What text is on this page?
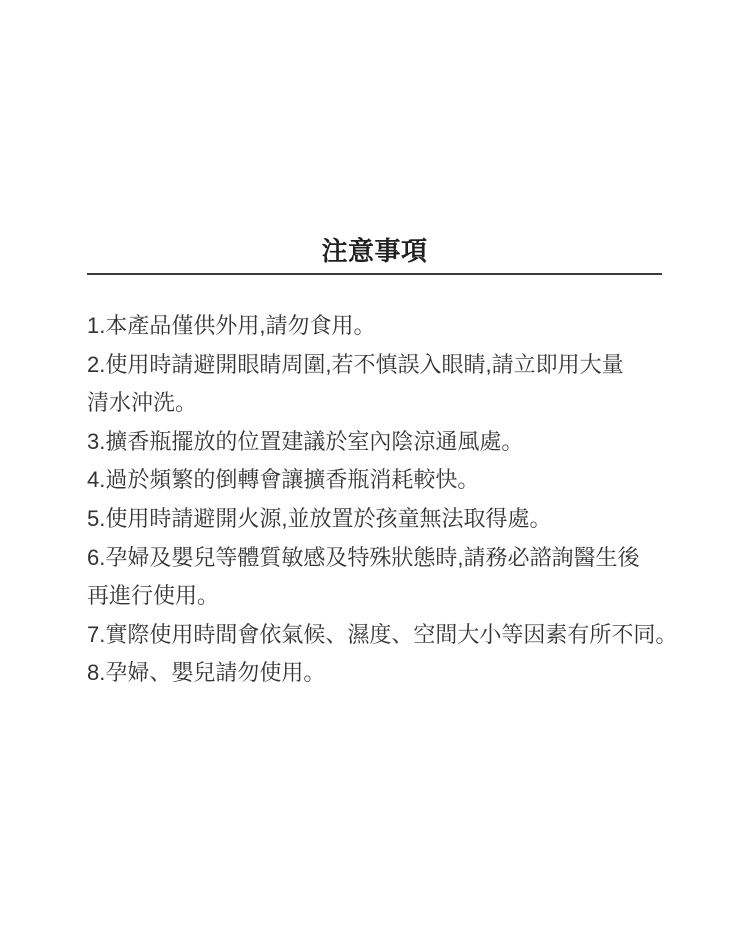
注意事項
1.本產品僅供外用,請勿食用。
2.使用時請避開眼睛周圍,若不慎誤入眼睛,請立即用大量
清水沖洗。
3.擴香瓶擺放的位置建議於室內陰涼通風處。
4.過於頻繁的倒轉會讓擴香瓶消耗較快。
5.使用時請避開火源,並放置於孩童無法取得處。
6.孕婦及嬰兒等體質敏感及特殊狀態時,請務必諮詢醫生後
再進行使用。
7.實際使用時間會依氣候、濕度、空間大小等因素有所不同。
8.孕婦、嬰兒請勿使用。
